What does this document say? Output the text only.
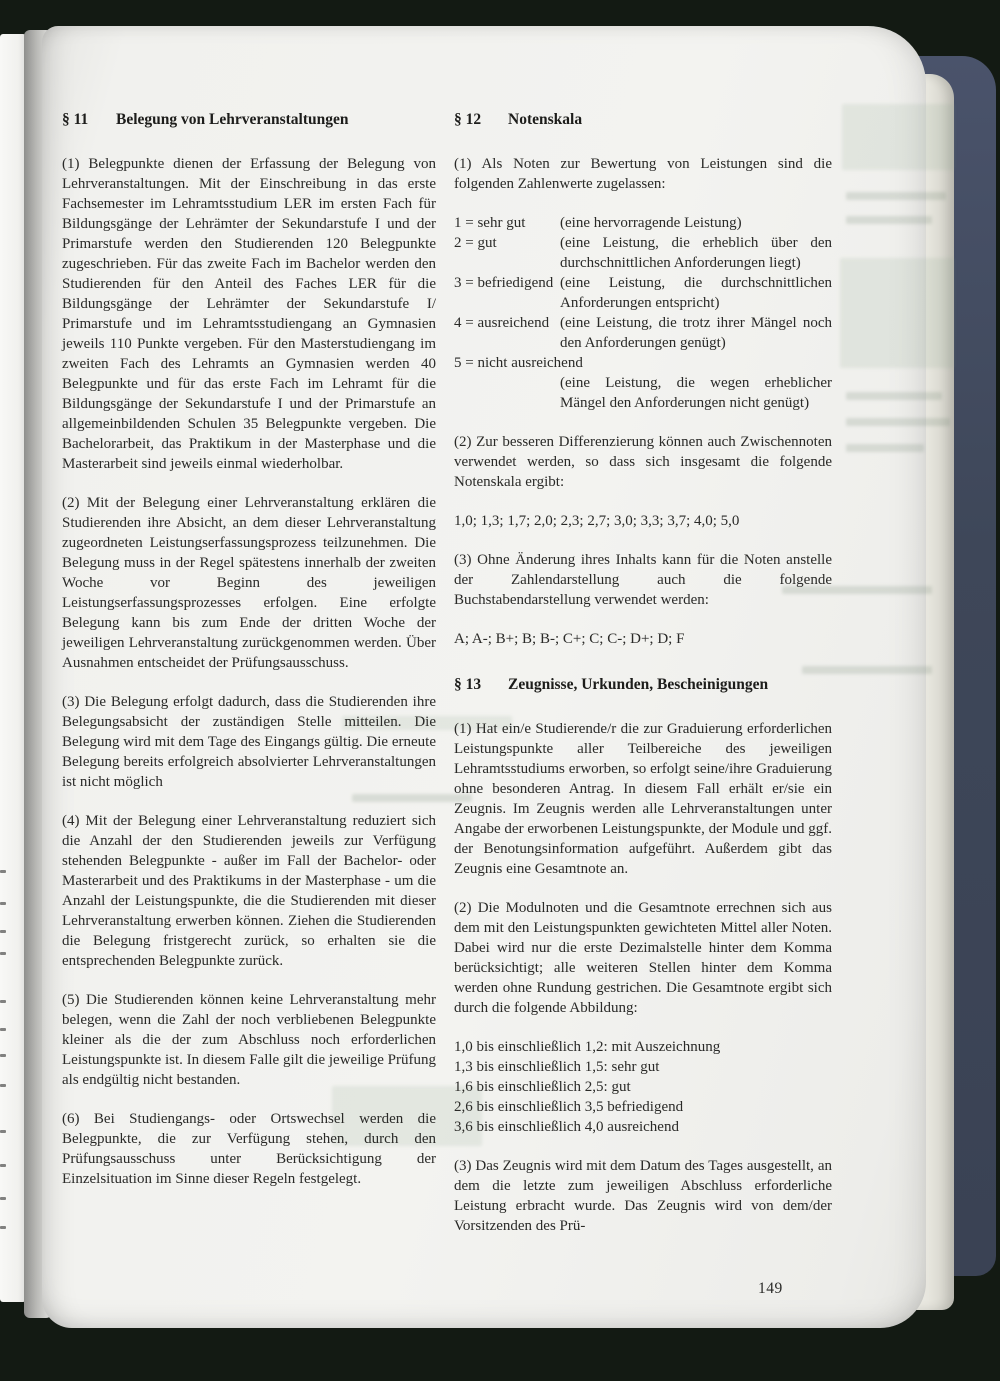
§ 11	Belegung von Lehrveranstaltungen

(1) Belegpunkte dienen der Erfassung der Belegung von Lehrveranstaltungen. Mit der Einschreibung in das erste Fachsemester im Lehramtsstudium LER im ersten Fach für Bildungsgänge der Lehrämter der Sekundarstufe I und der Primarstufe werden den Studierenden 120 Belegpunkte zugeschrieben. Für das zweite Fach im Bachelor werden den Studierenden für den Anteil des Faches LER für die Bildungsgänge der Lehrämter der Sekundarstufe I/ Primarstufe und im Lehramtsstudiengang an Gymnasien jeweils 110 Punkte vergeben. Für den Masterstudiengang im zweiten Fach des Lehramts an Gymnasien werden 40 Belegpunkte und für das erste Fach im Lehramt für die Bildungsgänge der Sekundarstufe I und der Primarstufe an allgemeinbildenden Schulen 35 Belegpunkte vergeben. Die Bachelorarbeit, das Praktikum in der Masterphase und die Masterarbeit sind jeweils einmal wiederholbar.

(2) Mit der Belegung einer Lehrveranstaltung erklären die Studierenden ihre Absicht, an dem dieser Lehrveranstaltung zugeordneten Leistungserfassungsprozess teilzunehmen. Die Belegung muss in der Regel spätestens innerhalb der zweiten Woche vor Beginn des jeweiligen Leistungserfassungsprozesses erfolgen. Eine erfolgte Belegung kann bis zum Ende der dritten Woche der jeweiligen Lehrveranstaltung zurückgenommen werden. Über Ausnahmen entscheidet der Prüfungsausschuss.

(3) Die Belegung erfolgt dadurch, dass die Studierenden ihre Belegungsabsicht der zuständigen Stelle mitteilen. Die Belegung wird mit dem Tage des Eingangs gültig. Die erneute Belegung bereits erfolgreich absolvierter Lehrveranstaltungen ist nicht möglich

(4) Mit der Belegung einer Lehrveranstaltung reduziert sich die Anzahl der den Studierenden jeweils zur Verfügung stehenden Belegpunkte - außer im Fall der Bachelor- oder Masterarbeit und des Praktikums in der Masterphase - um die Anzahl der Leistungspunkte, die die Studierenden mit dieser Lehrveranstaltung erwerben können. Ziehen die Studierenden die Belegung fristgerecht zurück, so erhalten sie die entsprechenden Belegpunkte zurück.

(5) Die Studierenden können keine Lehrveranstaltung mehr belegen, wenn die Zahl der noch verbliebenen Belegpunkte kleiner als die der zum Abschluss noch erforderlichen Leistungspunkte ist. In diesem Falle gilt die jeweilige Prüfung als endgültig nicht bestanden.

(6) Bei Studiengangs- oder Ortswechsel werden die Belegpunkte, die zur Verfügung stehen, durch den Prüfungsausschuss unter Berücksichtigung der Einzelsituation im Sinne dieser Regeln festgelegt.

§ 12	Notenskala

(1) Als Noten zur Bewertung von Leistungen sind die folgenden Zahlenwerte zugelassen:

1 = sehr gut	(eine hervorragende Leistung)
2 = gut	(eine Leistung, die erheblich über den durchschnittlichen Anforderungen liegt)
3 = befriedigend (eine Leistung, die durchschnittlichen Anforderungen entspricht)
4 = ausreichend (eine Leistung, die trotz ihrer Mängel noch den Anforderungen genügt)
5 = nicht ausreichend
(eine Leistung, die wegen erheblicher Mängel den Anforderungen nicht genügt)

(2) Zur besseren Differenzierung können auch Zwischennoten verwendet werden, so dass sich insgesamt die folgende Notenskala ergibt:

1,0; 1,3; 1,7; 2,0; 2,3; 2,7; 3,0; 3,3; 3,7; 4,0; 5,0

(3) Ohne Änderung ihres Inhalts kann für die Noten anstelle der Zahlendarstellung auch die folgende Buchstabendarstellung verwendet werden:

A; A-; B+; B; B-; C+; C; C-; D+; D; F
§ 13	Zeugnisse, Urkunden, Bescheinigungen

(1) Hat ein/e Studierende/r die zur Graduierung erforderlichen Leistungspunkte aller Teilbereiche des jeweiligen Lehramtsstudiums erworben, so erfolgt seine/ihre Graduierung ohne besonderen Antrag. In diesem Fall erhält er/sie ein Zeugnis. Im Zeugnis werden alle Lehrveranstaltungen unter Angabe der erworbenen Leistungspunkte, der Module und ggf. der Benotungsinformation aufgeführt. Außerdem gibt das Zeugnis eine Gesamtnote an.

(2) Die Modulnoten und die Gesamtnote errechnen sich aus dem mit den Leistungspunkten gewichteten Mittel aller Noten. Dabei wird nur die erste Dezimalstelle hinter dem Komma berücksichtigt; alle weiteren Stellen hinter dem Komma werden ohne Rundung gestrichen. Die Gesamtnote ergibt sich durch die folgende Abbildung:

1,0 bis einschließlich 1,2: mit Auszeichnung
1,3 bis einschließlich 1,5: sehr gut
1,6 bis einschließlich 2,5: gut
2,6 bis einschließlich 3,5 befriedigend
3,6 bis einschließlich 4,0 ausreichend

(3) Das Zeugnis wird mit dem Datum des Tages ausgestellt, an dem die letzte zum jeweiligen Abschluss erforderliche Leistung erbracht wurde. Das Zeugnis wird von dem/der Vorsitzenden des Prü-

149
